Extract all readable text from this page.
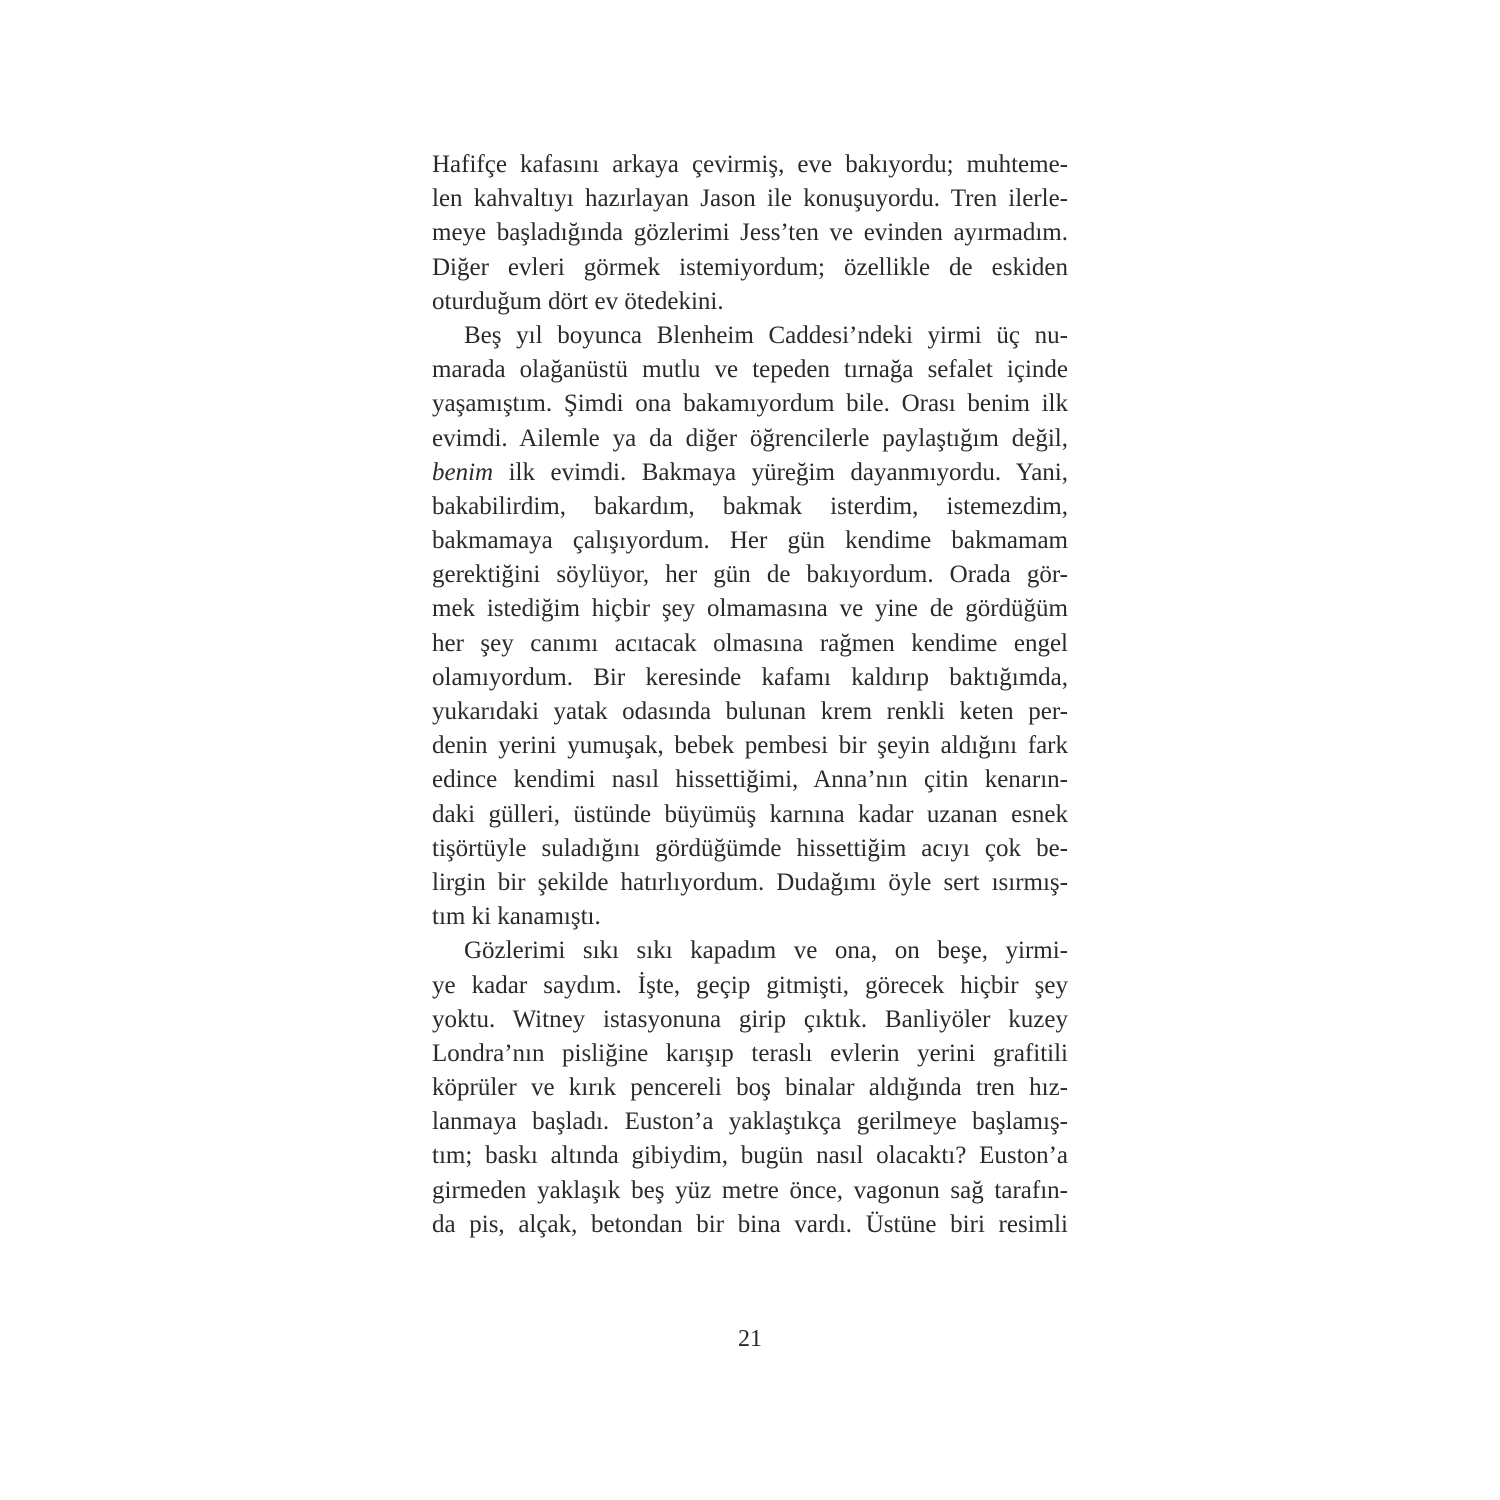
Hafifçe kafasını arkaya çevirmiş, eve bakıyordu; muhteme-
len kahvaltıyı hazırlayan Jason ile konuşuyordu. Tren ilerle-
meye başladığında gözlerimi Jess’ten ve evinden ayırmadım.
Diğer evleri görmek istemiyordum; özellikle de eskiden
oturduğum dört ev ötedekini.
Beş yıl boyunca Blenheim Caddesi’ndeki yirmi üç nu-
marada olağanüstü mutlu ve tepeden tırnağa sefalet içinde
yaşamıştım. Şimdi ona bakamıyordum bile. Orası benim ilk
evimdi. Ailemle ya da diğer öğrencilerle paylaştığım değil,
benim ilk evimdi. Bakmaya yüreğim dayanmıyordu. Yani,
bakabilirdim, bakardım, bakmak isterdim, istemezdim,
bakmamaya çalışıyordum. Her gün kendime bakmamam
gerektiğini söylüyor, her gün de bakıyordum. Orada gör-
mek istediğim hiçbir şey olmamasına ve yine de gördüğüm
her şey canımı acıtacak olmasına rağmen kendime engel
olamıyordum. Bir keresinde kafamı kaldırıp baktığımda,
yukarıdaki yatak odasında bulunan krem renkli keten per-
denin yerini yumuşak, bebek pembesi bir şeyin aldığını fark
edince kendimi nasıl hissettiğimi, Anna’nın çitin kenarın-
daki gülleri, üstünde büyümüş karnına kadar uzanan esnek
tişörtüyle suladığını gördüğümde hissettiğim acıyı çok be-
lirgin bir şekilde hatırlıyordum. Dudağımı öyle sert ısırmış-
tım ki kanamıştı.
Gözlerimi sıkı sıkı kapadım ve ona, on beşe, yirmi-
ye kadar saydım. İşte, geçip gitmişti, görecek hiçbir şey
yoktu. Witney istasyonuna girip çıktık. Banliyöler kuzey
Londra’nın pisliğine karışıp teraslı evlerin yerini grafitili
köprüler ve kırık pencereli boş binalar aldığında tren hız-
lanmaya başladı. Euston’a yaklaştıkça gerilmeye başlamış-
tım; baskı altında gibiydim, bugün nasıl olacaktı? Euston’a
girmeden yaklaşık beş yüz metre önce, vagonun sağ tarafın-
da pis, alçak, betondan bir bina vardı. Üstüne biri resimli
21
